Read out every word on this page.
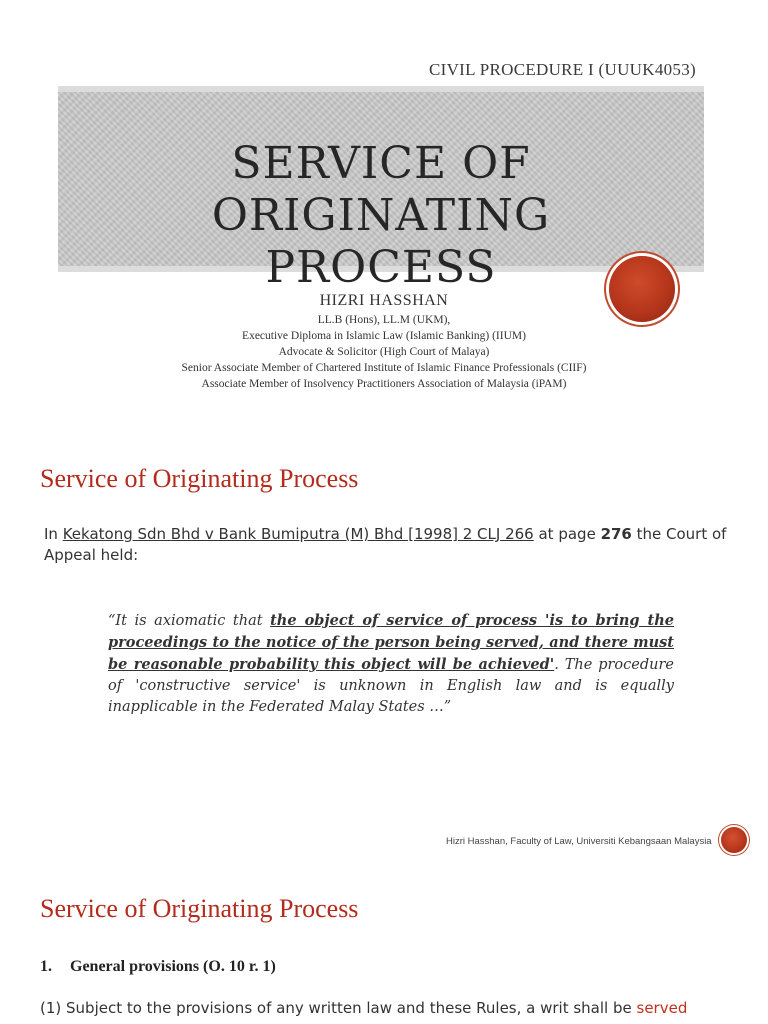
CIVIL PROCEDURE I (UUUK4053)
SERVICE OF ORIGINATING
PROCESS
HIZRI HASSHAN
LL.B (Hons), LL.M (UKM),
Executive Diploma in Islamic Law (Islamic Banking) (IIUM)
Advocate & Solicitor (High Court of Malaya)
Senior Associate Member of Chartered Institute of Islamic Finance Professionals (CIIF)
Associate Member of Insolvency Practitioners Association of Malaysia (iPAM)
Service of Originating Process
In Kekatong Sdn Bhd v Bank Bumiputra (M) Bhd [1998] 2 CLJ 266 at page 276 the Court of Appeal held:
“It is axiomatic that the object of service of process 'is to bring the proceedings to the notice of the person being served, and there must be reasonable probability this object will be achieved'. The procedure of 'constructive service' is unknown in English law and is equally inapplicable in the Federated Malay States …”
Hizri Hasshan, Faculty of Law, Universiti Kebangsaan Malaysia
Service of Originating Process
1. General provisions (O. 10 r. 1)
(1) Subject to the provisions of any written law and these Rules, a writ shall be served
